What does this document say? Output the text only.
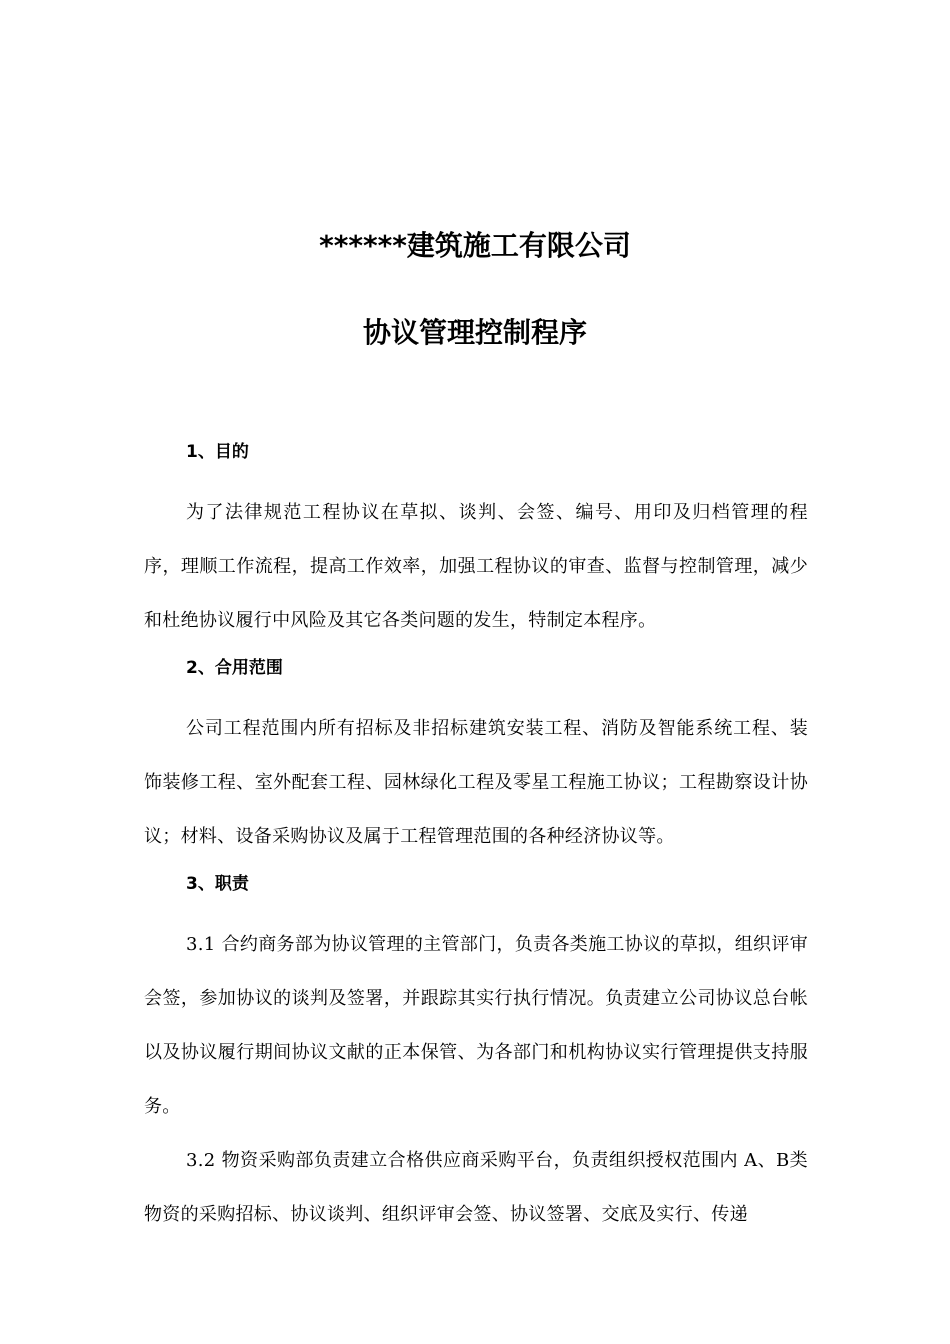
******建筑施工有限公司
协议管理控制程序

1、目的

为了法律规范工程协议在草拟、谈判、会签、编号、用印及归档管理的程序，理顺工作流程，提高工作效率，加强工程协议的审查、监督与控制管理，减少和杜绝协议履行中风险及其它各类问题的发生，特制定本程序。

2、合用范围

公司工程范围内所有招标及非招标建筑安装工程、消防及智能系统工程、装饰装修工程、室外配套工程、园林绿化工程及零星工程施工协议；工程勘察设计协议；材料、设备采购协议及属于工程管理范围的各种经济协议等。

3、职责

3.1 合约商务部为协议管理的主管部门，负责各类施工协议的草拟，组织评审会签，参加协议的谈判及签署，并跟踪其实行执行情况。负责建立公司协议总台帐以及协议履行期间协议文献的正本保管、为各部门和机构协议实行管理提供支持服务。

3.2 物资采购部负责建立合格供应商采购平台，负责组织授权范围内 A、B类物资的采购招标、协议谈判、组织评审会签、协议签署、交底及实行、传递
